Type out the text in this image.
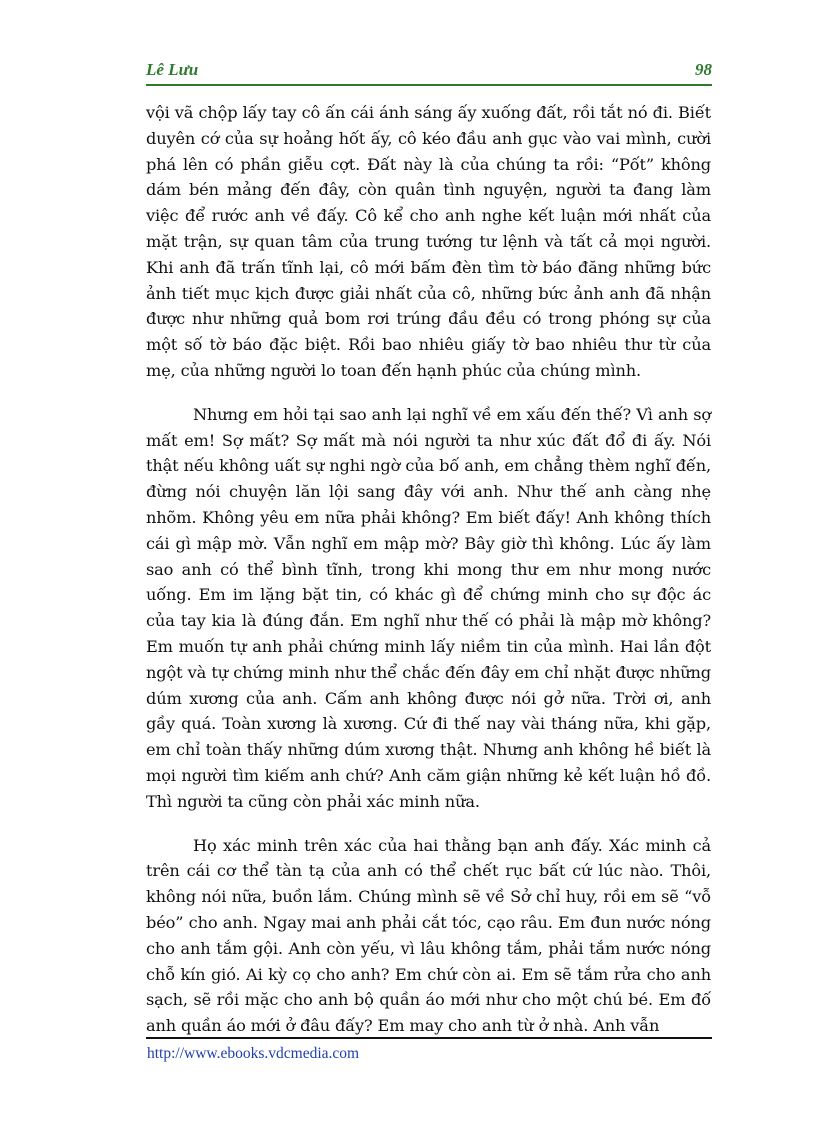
Lê Lưu	98

vội vã chộp lấy tay cô ấn cái ánh sáng ấy xuống đất, rồi tắt nó đi. Biết duyên cớ của sự hoảng hốt ấy, cô kéo đầu anh gục vào vai mình, cười phá lên có phần giễu cợt. Đất này là của chúng ta rồi: “Pốt” không dám bén mảng đến đây, còn quân tình nguyện, người ta đang làm việc để rước anh về đấy. Cô kể cho anh nghe kết luận mới nhất của mặt trận, sự quan tâm của trung tướng tư lệnh và tất cả mọi người. Khi anh đã trấn tĩnh lại, cô mới bấm đèn tìm tờ báo đăng những bức ảnh tiết mục kịch được giải nhất của cô, những bức ảnh anh đã nhận được như những quả bom rơi trúng đầu đều có trong phóng sự của một số tờ báo đặc biệt. Rồi bao nhiêu giấy tờ bao nhiêu thư từ của mẹ, của những người lo toan đến hạnh phúc của chúng mình.

Nhưng em hỏi tại sao anh lại nghĩ về em xấu đến thế? Vì anh sợ mất em! Sợ mất? Sợ mất mà nói người ta như xúc đất đổ đi ấy. Nói thật nếu không uất sự nghi ngờ của bố anh, em chẳng thèm nghĩ đến, đừng nói chuyện lăn lội sang đây với anh. Như thế anh càng nhẹ nhõm. Không yêu em nữa phải không? Em biết đấy! Anh không thích cái gì mập mờ. Vẫn nghĩ em mập mờ? Bây giờ thì không. Lúc ấy làm sao anh có thể bình tĩnh, trong khi mong thư em như mong nước uống. Em im lặng bặt tin, có khác gì để chứng minh cho sự độc ác của tay kia là đúng đắn. Em nghĩ như thế có phải là mập mờ không? Em muốn tự anh phải chứng minh lấy niềm tin của mình. Hai lần đột ngột và tự chứng minh như thể chắc đến đây em chỉ nhặt được những dúm xương của anh. Cấm anh không được nói gở nữa. Trời ơi, anh gầy quá. Toàn xương là xương. Cứ đi thế nay vài tháng nữa, khi gặp, em chỉ toàn thấy những dúm xương thật. Nhưng anh không hề biết là mọi người tìm kiếm anh chứ? Anh căm giận những kẻ kết luận hồ đồ. Thì người ta cũng còn phải xác minh nữa.

Họ xác minh trên xác của hai thằng bạn anh đấy. Xác minh cả trên cái cơ thể tàn tạ của anh có thể chết rục bất cứ lúc nào. Thôi, không nói nữa, buồn lắm. Chúng mình sẽ về Sở chỉ huy, rồi em sẽ “vỗ béo” cho anh. Ngay mai anh phải cắt tóc, cạo râu. Em đun nước nóng cho anh tắm gội. Anh còn yếu, vì lâu không tắm, phải tắm nước nóng chỗ kín gió. Ai kỳ cọ cho anh? Em chứ còn ai. Em sẽ tắm rửa cho anh sạch, sẽ rồi mặc cho anh bộ quần áo mới như cho một chú bé. Em đố anh quần áo mới ở đâu đấy? Em may cho anh từ ở nhà. Anh vẫn

http://www.ebooks.vdcmedia.com
